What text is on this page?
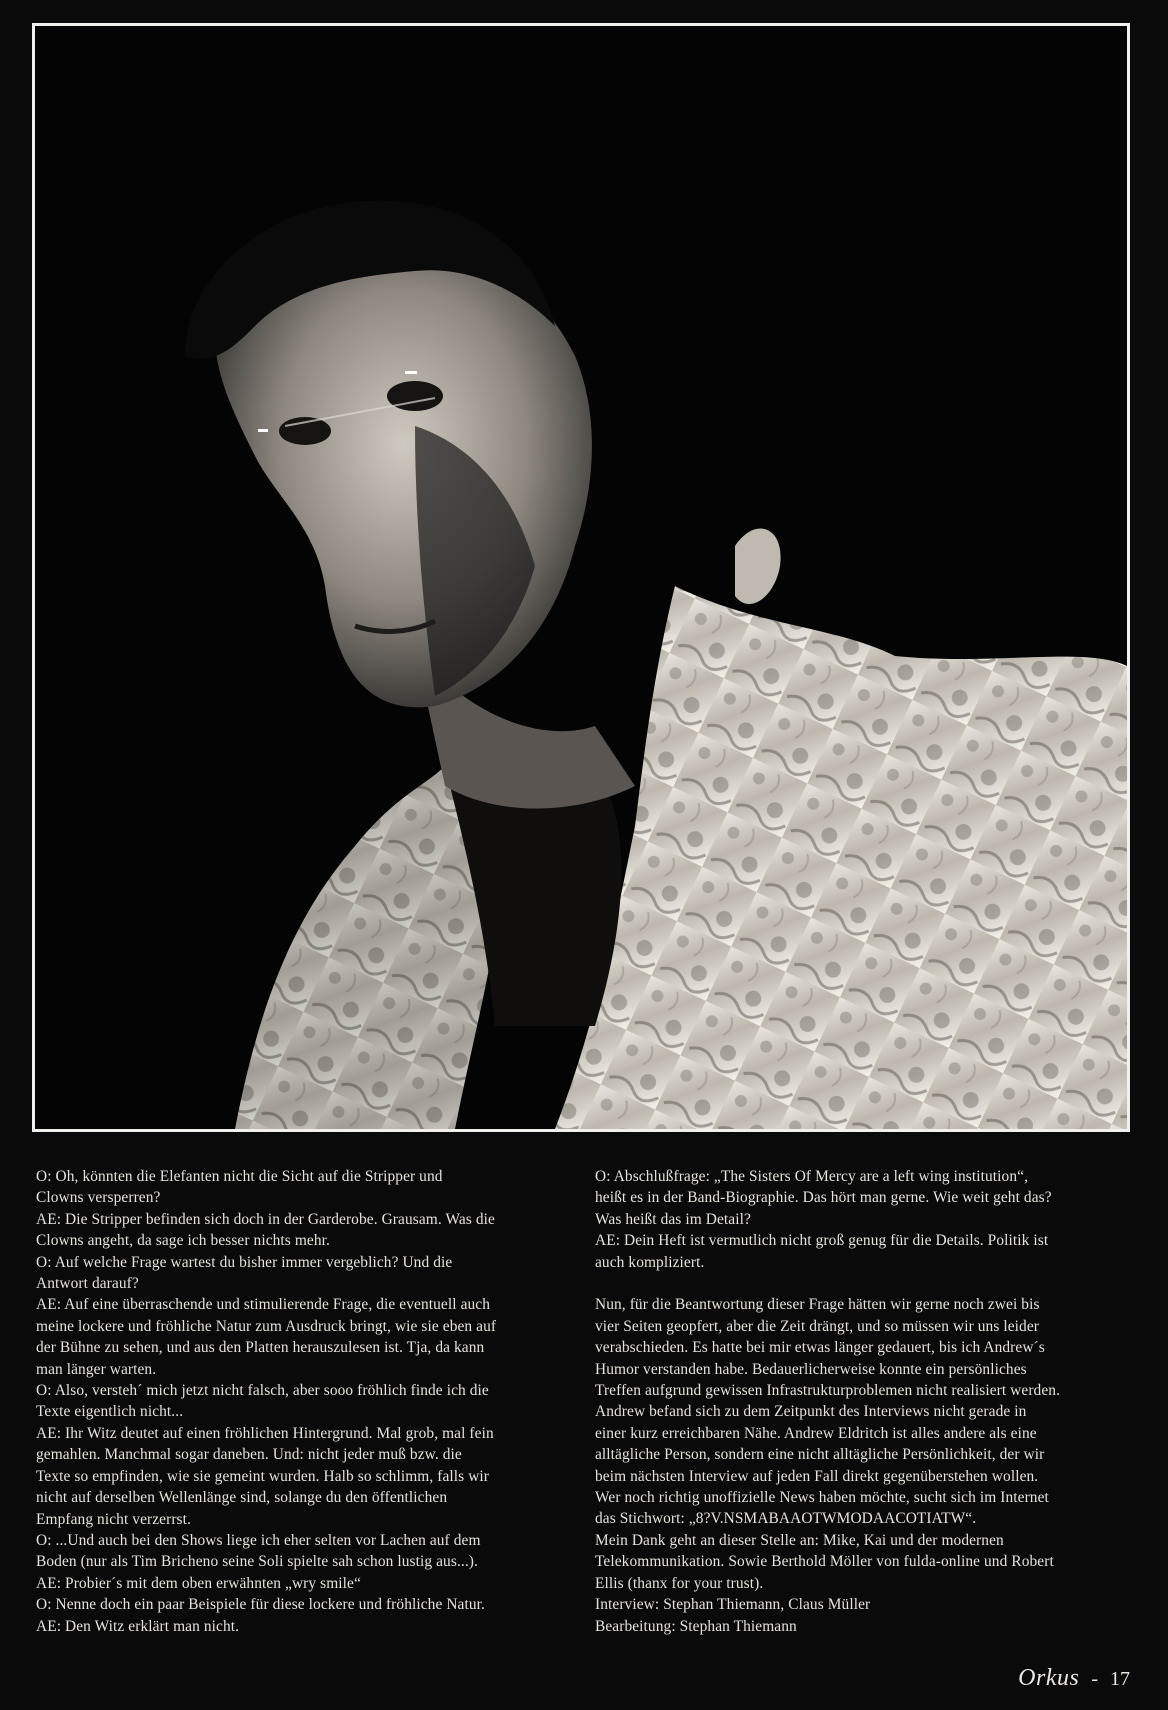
O: Oh, könnten die Elefanten nicht die Sicht auf die Stripper und

Clowns versperren?

AE: Die Stripper befinden sich doch in der Garderobe. Grausam. Was die

Clowns angeht, da sage ich besser nichts mehr.

O: Auf welche Frage wartest du bisher immer vergeblich? Und die

Antwort darauf?

AE: Auf eine überraschende und stimulierende Frage, die eventuell auch

meine lockere und fröhliche Natur zum Ausdruck bringt, wie sie eben auf

der Bühne zu sehen, und aus den Platten herauszulesen ist. Tja, da kann

man länger warten.

O: Also, versteh´ mich jetzt nicht falsch, aber sooo fröhlich finde ich die

Texte eigentlich nicht...

AE: Ihr Witz deutet auf einen fröhlichen Hintergrund. Mal grob, mal fein

gemahlen. Manchmal sogar daneben. Und: nicht jeder muß bzw. die

Texte so empfinden, wie sie gemeint wurden. Halb so schlimm, falls wir

nicht auf derselben Wellenlänge sind, solange du den öffentlichen

Empfang nicht verzerrst.

O: ...Und auch bei den Shows liege ich eher selten vor Lachen auf dem

Boden (nur als Tim Bricheno seine Soli spielte sah schon lustig aus...).

AE: Probier´s mit dem oben erwähnten „wry smile“

O: Nenne doch ein paar Beispiele für diese lockere und fröhliche Natur.

AE: Den Witz erklärt man nicht.

O: Abschlußfrage: „The Sisters Of Mercy are a left wing institution“,

heißt es in der Band-Biographie. Das hört man gerne. Wie weit geht das?

Was heißt das im Detail?

AE: Dein Heft ist vermutlich nicht groß genug für die Details. Politik ist

auch kompliziert.

Nun, für die Beantwortung dieser Frage hätten wir gerne noch zwei bis

vier Seiten geopfert, aber die Zeit drängt, und so müssen wir uns leider

verabschieden. Es hatte bei mir etwas länger gedauert, bis ich Andrew´s

Humor verstanden habe. Bedauerlicherweise konnte ein persönliches

Treffen aufgrund gewissen Infrastrukturproblemen nicht realisiert werden.

Andrew befand sich zu dem Zeitpunkt des Interviews nicht gerade in

einer kurz erreichbaren Nähe. Andrew Eldritch ist alles andere als eine

alltägliche Person, sondern eine nicht alltägliche Persönlichkeit, der wir

beim nächsten Interview auf jeden Fall direkt gegenüberstehen wollen.

Wer noch richtig unoffizielle News haben möchte, sucht sich im Internet

das Stichwort: „8?V.NSMABAAOTWMODAACOTIATW“.

Mein Dank geht an dieser Stelle an: Mike, Kai und der modernen

Telekommunikation. Sowie Berthold Möller von fulda-online und Robert

Ellis (thanx for your trust).

Interview: Stephan Thiemann, Claus Müller

Bearbeitung: Stephan Thiemann

Orkus - 17
